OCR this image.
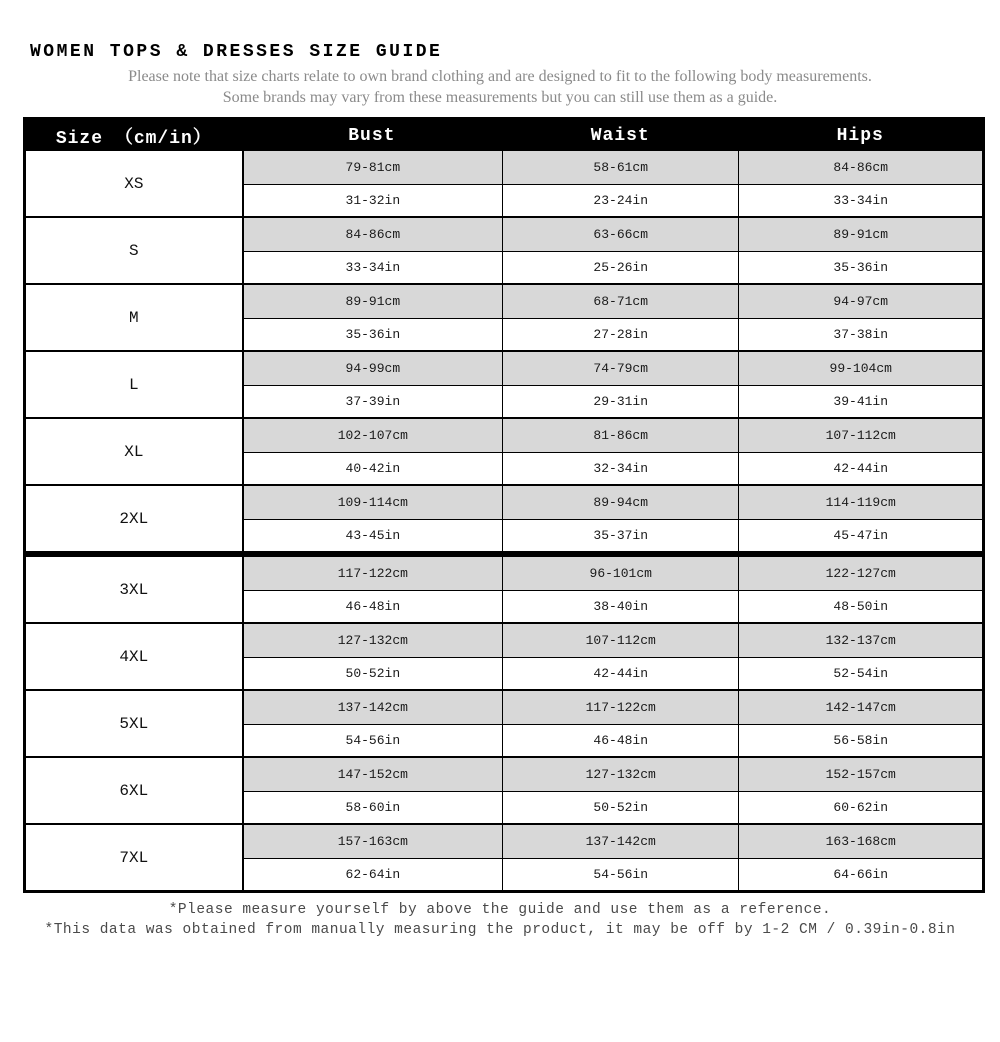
WOMEN TOPS & DRESSES SIZE GUIDE

Please note that size charts relate to own brand clothing and are designed to fit to the following body measurements.

Some brands may vary from these measurements but you can still use them as a guide.

Size （cm/in）	Bust	Waist	Hips
XS
79-81cm	58-61cm	84-86cm
31-32in	23-24in	33-34in
S
84-86cm	63-66cm	89-91cm
33-34in	25-26in	35-36in
M
89-91cm	68-71cm	94-97cm
35-36in	27-28in	37-38in
L
94-99cm	74-79cm	99-104cm
37-39in	29-31in	39-41in
XL
102-107cm	81-86cm	107-112cm
40-42in	32-34in	42-44in
2XL
109-114cm	89-94cm	114-119cm
43-45in	35-37in	45-47in
3XL
117-122cm	96-101cm	122-127cm
46-48in	38-40in	48-50in
4XL
127-132cm	107-112cm	132-137cm
50-52in	42-44in	52-54in
5XL
137-142cm	117-122cm	142-147cm
54-56in	46-48in	56-58in
6XL
147-152cm	127-132cm	152-157cm
58-60in	50-52in	60-62in
7XL
157-163cm	137-142cm	163-168cm
62-64in	54-56in	64-66in

*Please measure yourself by above the guide and use them as a reference.

*This data was obtained from manually measuring the product, it may be off by 1-2 CM / 0.39in-0.8in
